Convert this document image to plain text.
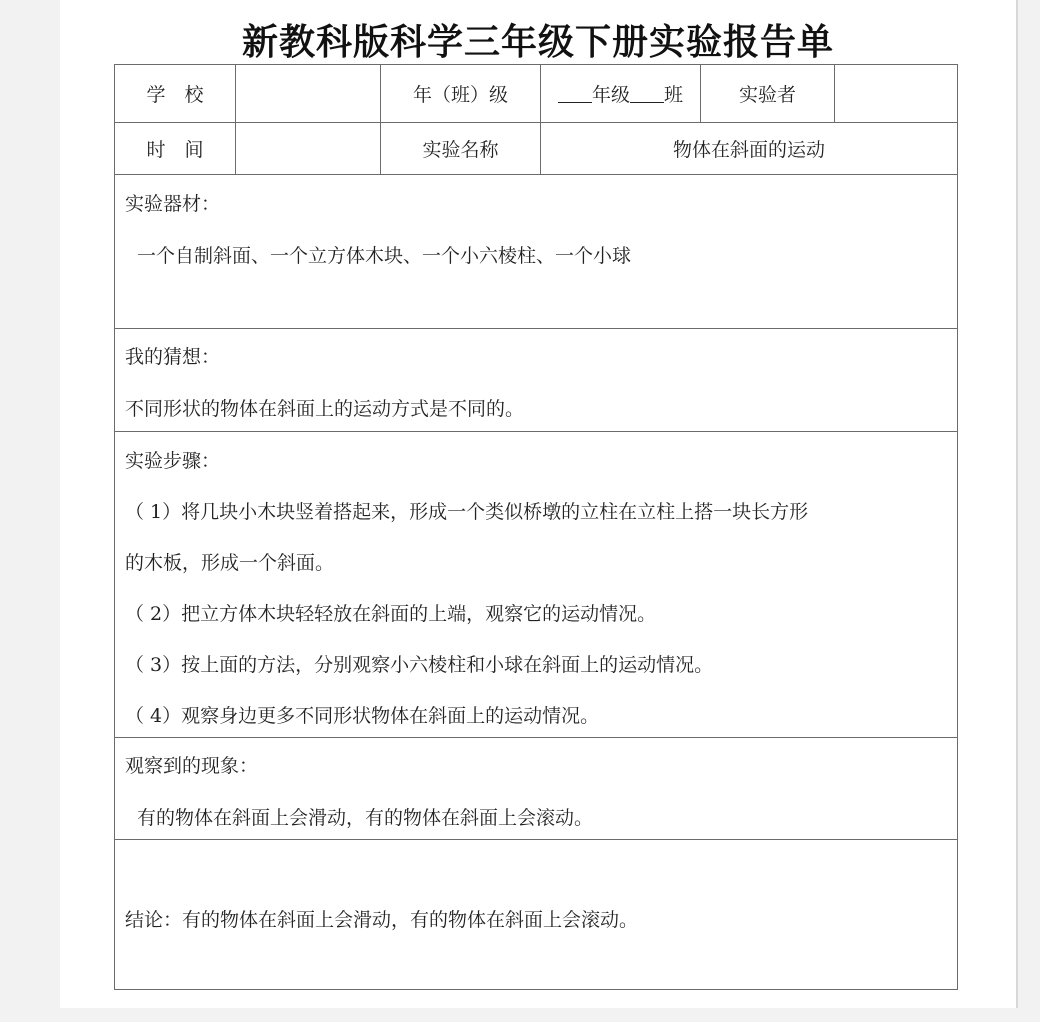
新教科版科学三年级下册实验报告单
学　校	年（班）级	年级 班	实验者
时　间	实验名称	物体在斜面的运动
实验器材：
一个自制斜面、一个立方体木块、一个小六棱柱、一个小球
我的猜想：
不同形状的物体在斜面上的运动方式是不同的。
实验步骤：
（ 1）将几块小木块竖着搭起来，形成一个类似桥墩的立柱在立柱上搭一块长方形
的木板，形成一个斜面。
（ 2）把立方体木块轻轻放在斜面的上端，观察它的运动情况。
（ 3）按上面的方法，分别观察小六棱柱和小球在斜面上的运动情况。
（ 4）观察身边更多不同形状物体在斜面上的运动情况。
观察到的现象：
有的物体在斜面上会滑动，有的物体在斜面上会滚动。
结论：有的物体在斜面上会滑动，有的物体在斜面上会滚动。
